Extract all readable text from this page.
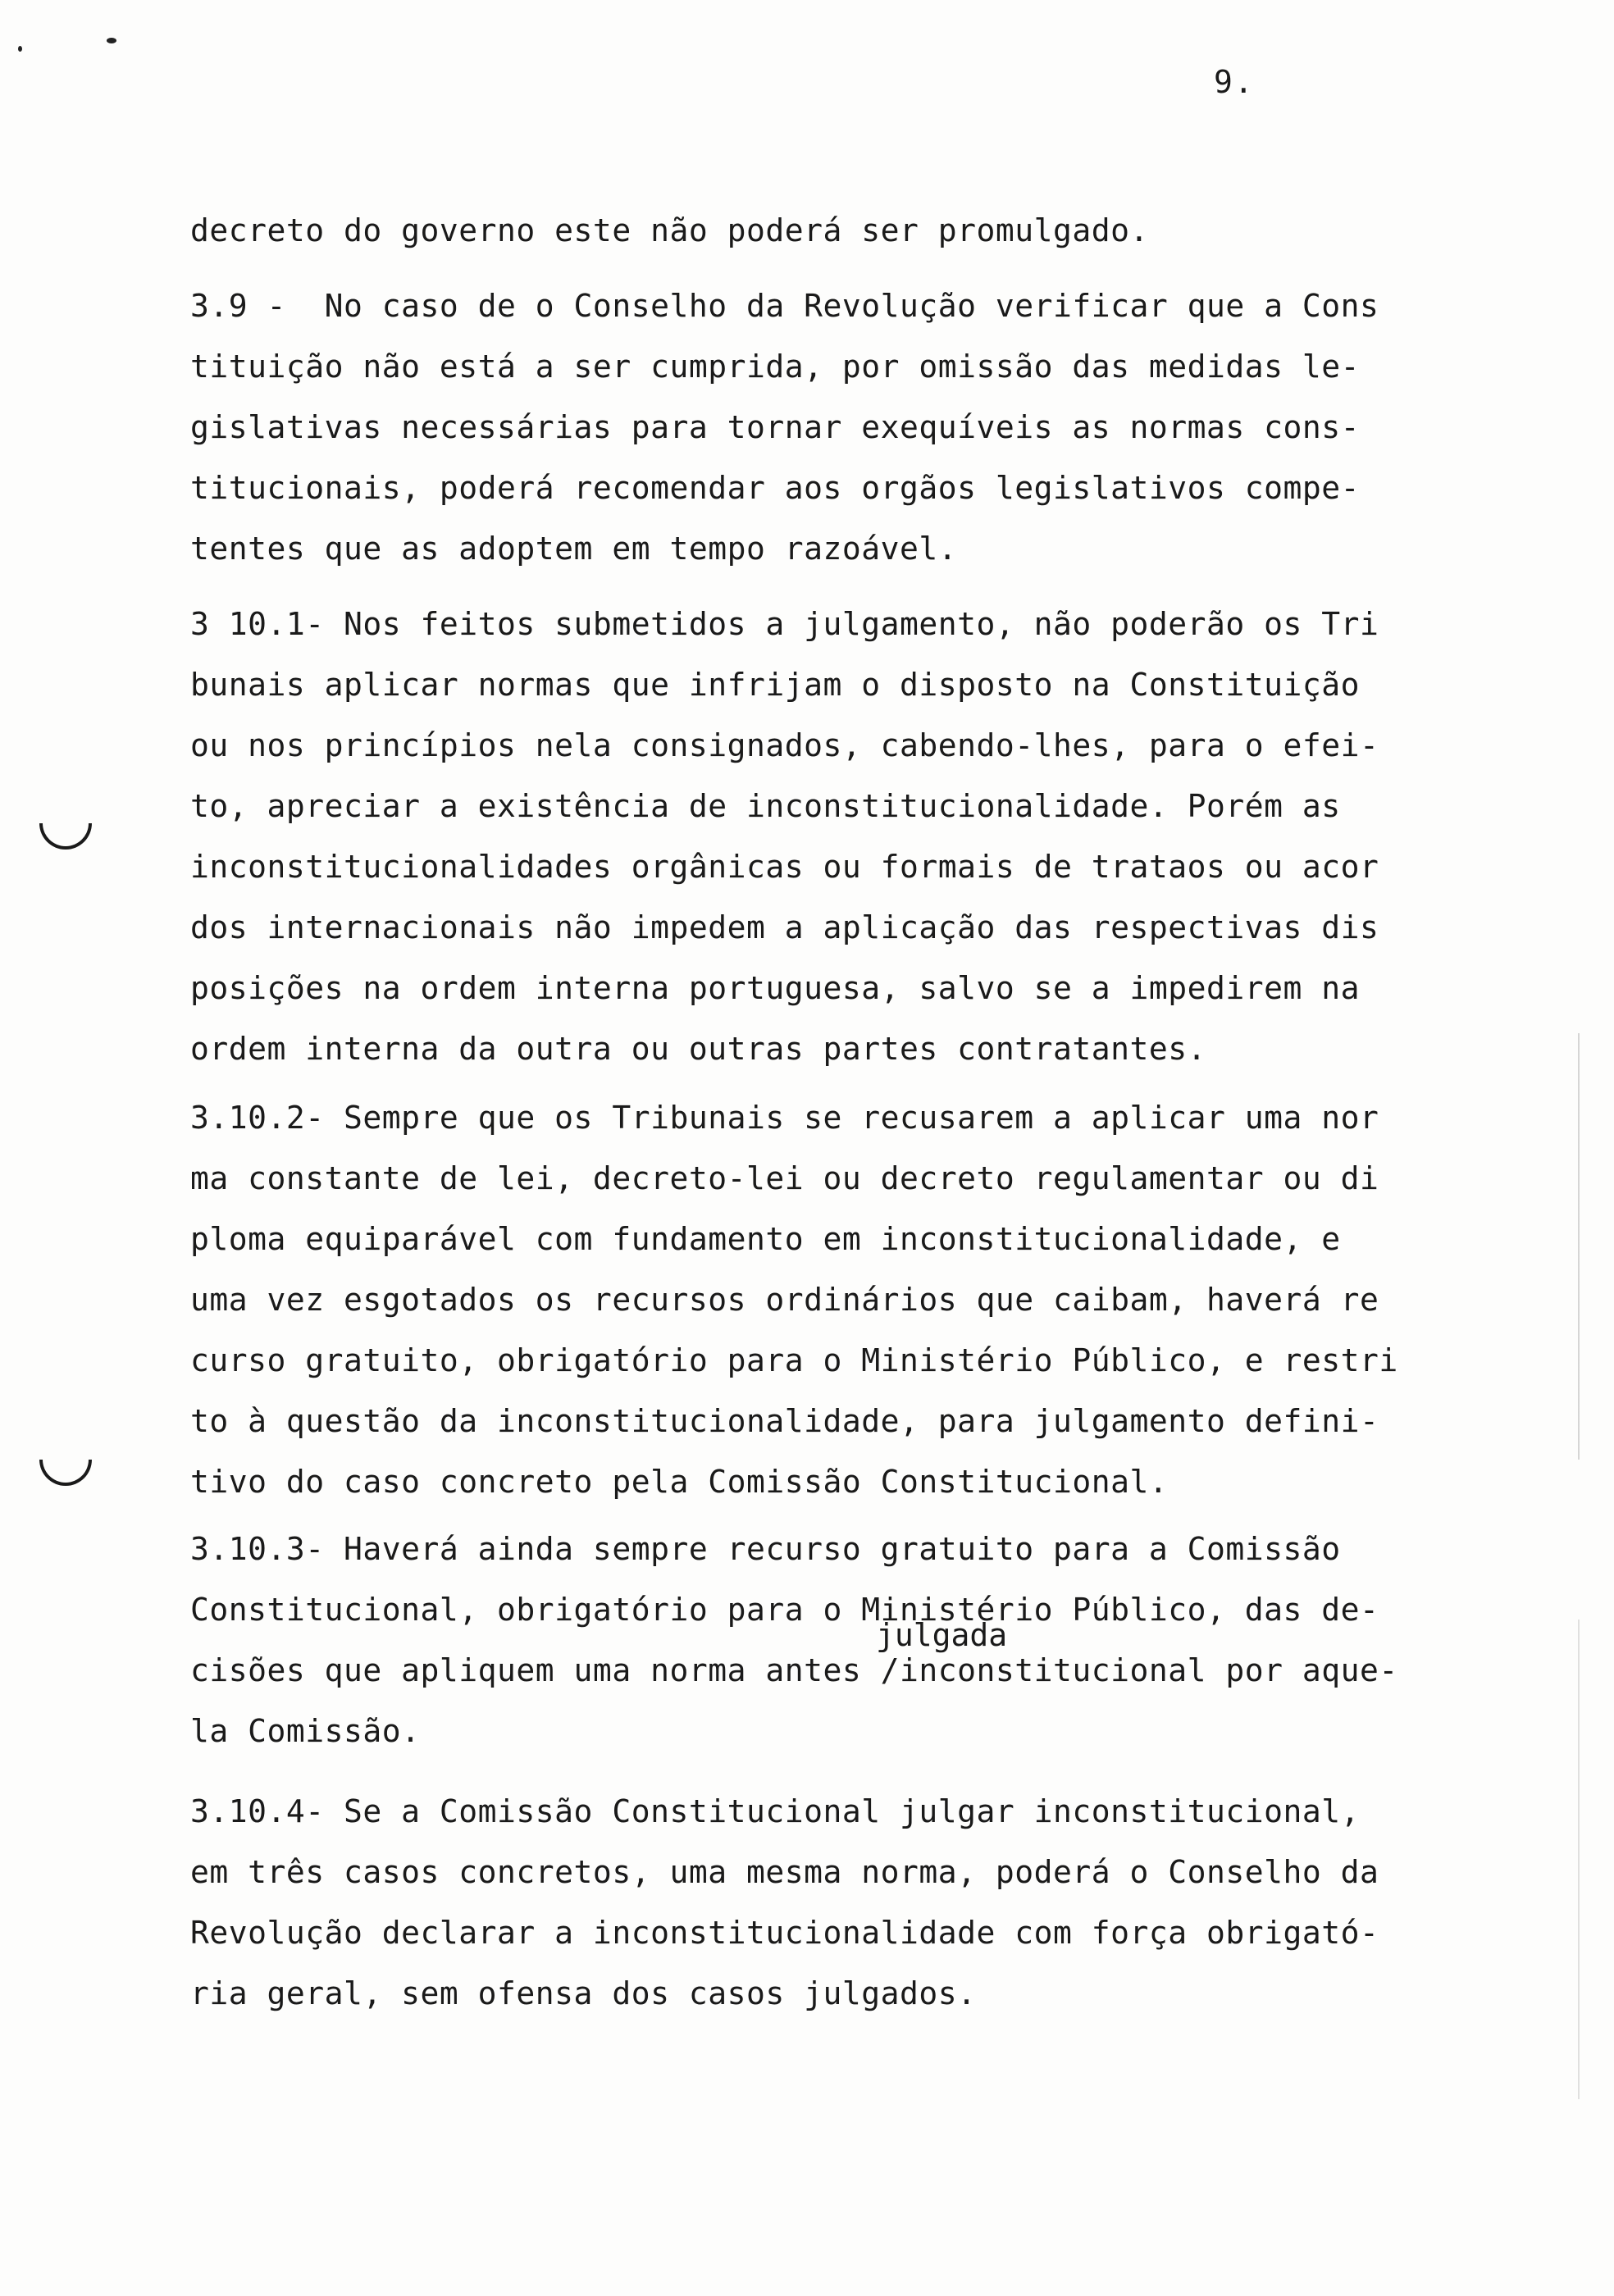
9.
decreto do governo este não poderá ser promulgado.
3.9 -  No caso de o Conselho da Revolução verificar que a Cons
tituição não está a ser cumprida, por omissão das medidas le-
gislativas necessárias para tornar exequíveis as normas cons-
titucionais, poderá recomendar aos orgãos legislativos compe-
tentes que as adoptem em tempo razoável.
3 10.1- Nos feitos submetidos a julgamento, não poderão os Tri
bunais aplicar normas que infrijam o disposto na Constituição
ou nos princípios nela consignados, cabendo-lhes, para o efei-
to, apreciar a existência de inconstitucionalidade. Porém as
inconstitucionalidades orgânicas ou formais de trataos ou acor
dos internacionais não impedem a aplicação das respectivas dis
posições na ordem interna portuguesa, salvo se a impedirem na
ordem interna da outra ou outras partes contratantes.
3.10.2- Sempre que os Tribunais se recusarem a aplicar uma nor
ma constante de lei, decreto-lei ou decreto regulamentar ou di
ploma equiparável com fundamento em inconstitucionalidade, e
uma vez esgotados os recursos ordinários que caibam, haverá re
curso gratuito, obrigatório para o Ministério Público, e restri
to à questão da inconstitucionalidade, para julgamento defini-
tivo do caso concreto pela Comissão Constitucional.
3.10.3- Haverá ainda sempre recurso gratuito para a Comissão
Constitucional, obrigatório para o Ministério Público, das de-
cisões que apliquem uma norma antes /inconstitucional por aque-
la Comissão.
julgada
3.10.4- Se a Comissão Constitucional julgar inconstitucional,
em três casos concretos, uma mesma norma, poderá o Conselho da
Revolução declarar a inconstitucionalidade com força obrigató-
ria geral, sem ofensa dos casos julgados.
